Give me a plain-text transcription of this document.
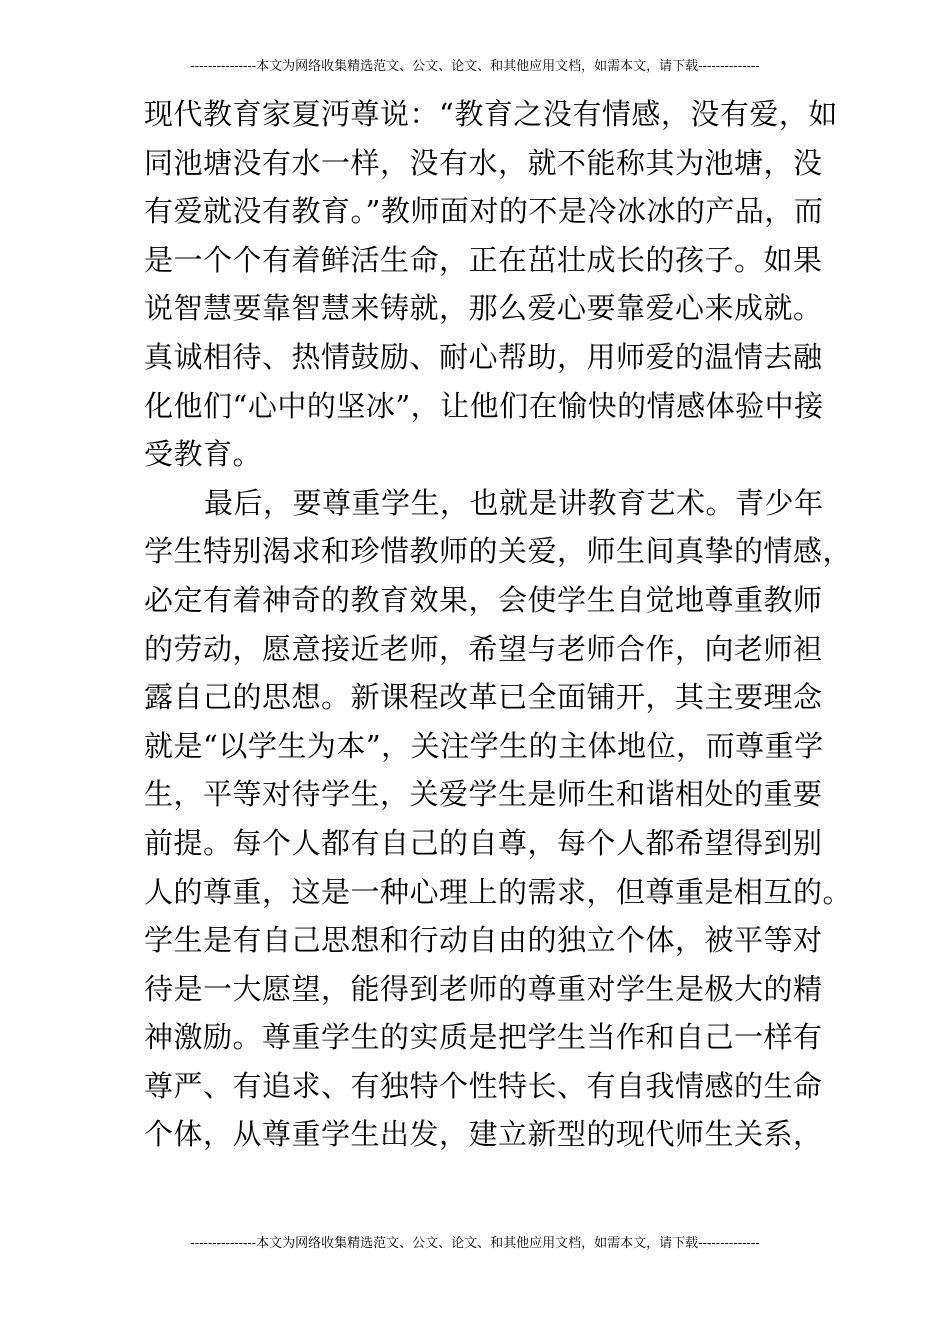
---------------本文为网络收集精选范文、公文、论文、和其他应用文档，如需本文，请下载--------------
现代教育家夏沔尊说：“教育之没有情感，没有爱，如
同池塘没有水一样，没有水，就不能称其为池塘，没
有爱就没有教育。”教师面对的不是冷冰冰的产品，而
是一个个有着鲜活生命，正在茁壮成长的孩子。如果
说智慧要靠智慧来铸就，那么爱心要靠爱心来成就。
真诚相待、热情鼓励、耐心帮助，用师爱的温情去融
化他们“心中的坚冰”，让他们在愉快的情感体验中接
受教育。
最后，要尊重学生，也就是讲教育艺术。青少年
学生特别渴求和珍惜教师的关爱，师生间真挚的情感，
必定有着神奇的教育效果，会使学生自觉地尊重教师
的劳动，愿意接近老师，希望与老师合作，向老师袒
露自己的思想。新课程改革已全面铺开，其主要理念
就是“以学生为本”，关注学生的主体地位，而尊重学
生，平等对待学生，关爱学生是师生和谐相处的重要
前提。每个人都有自己的自尊，每个人都希望得到别
人的尊重，这是一种心理上的需求，但尊重是相互的。
学生是有自己思想和行动自由的独立个体，被平等对
待是一大愿望，能得到老师的尊重对学生是极大的精
神激励。尊重学生的实质是把学生当作和自己一样有
尊严、有追求、有独特个性特长、有自我情感的生命
个体，从尊重学生出发，建立新型的现代师生关系，
---------------本文为网络收集精选范文、公文、论文、和其他应用文档，如需本文，请下载--------------
